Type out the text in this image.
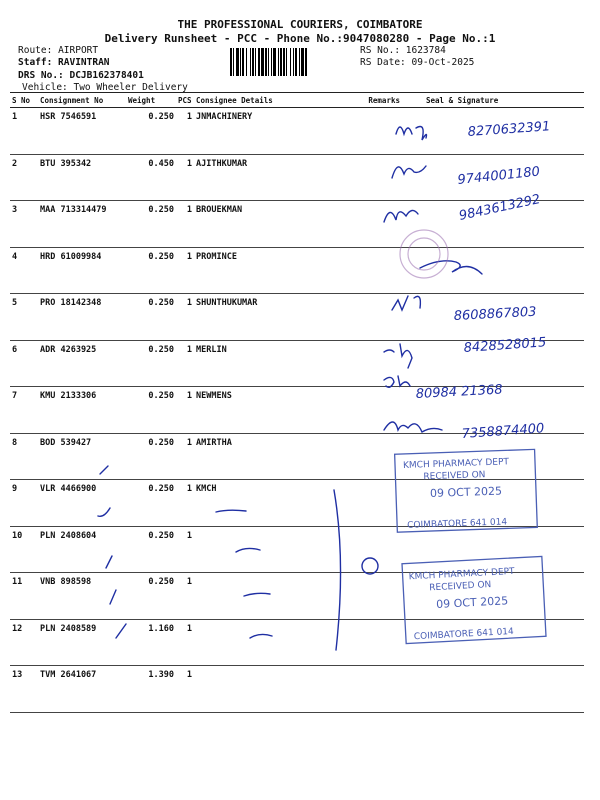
THE PROFESSIONAL COURIERS, COIMBATORE
Delivery Runsheet - PCC - Phone No.:9047080280 - Page No.:1
Route: AIRPORT
Staff: RAVINTRAN
DRS No.: DCJB162378401
Vehicle: Two Wheeler Delivery
RS No.: 1623784
RS Date: 09-Oct-2025
S No	Consignment No	Weight	PCS	Consignee Details	Remarks	Seal & Signature
1	HSR 7546591	0.250	1	JNMACHINERY		
2	BTU 395342	0.450	1	AJITHKUMAR		
3	MAA 713314479	0.250	1	BROUEKMAN		
4	HRD 61009984	0.250	1	PROMINCE		
5	PRO 18142348	0.250	1	SHUNTHUKUMAR		
6	ADR 4263925	0.250	1	MERLIN		
7	KMU 2133306	0.250	1	NEWMENS		
8	BOD 539427	0.250	1	AMIRTHA		
9	VLR 4466900	0.250	1	KMCH		
10	PLN 2408604	0.250	1			
11	VNB 898598	0.250	1			
12	PLN 2408589	1.160	1			
13	TVM 2641067	1.390	1			
8270632391
9744001180
9843613292
8608867803
8428528015
80984 21368
7358874400
KMCH PHARMACY DEPT
RECEIVED ON
09 OCT 2025
COIMBATORE 641 014
KMCH PHARMACY DEPT
RECEIVED ON
09 OCT 2025
COIMBATORE 641 014
